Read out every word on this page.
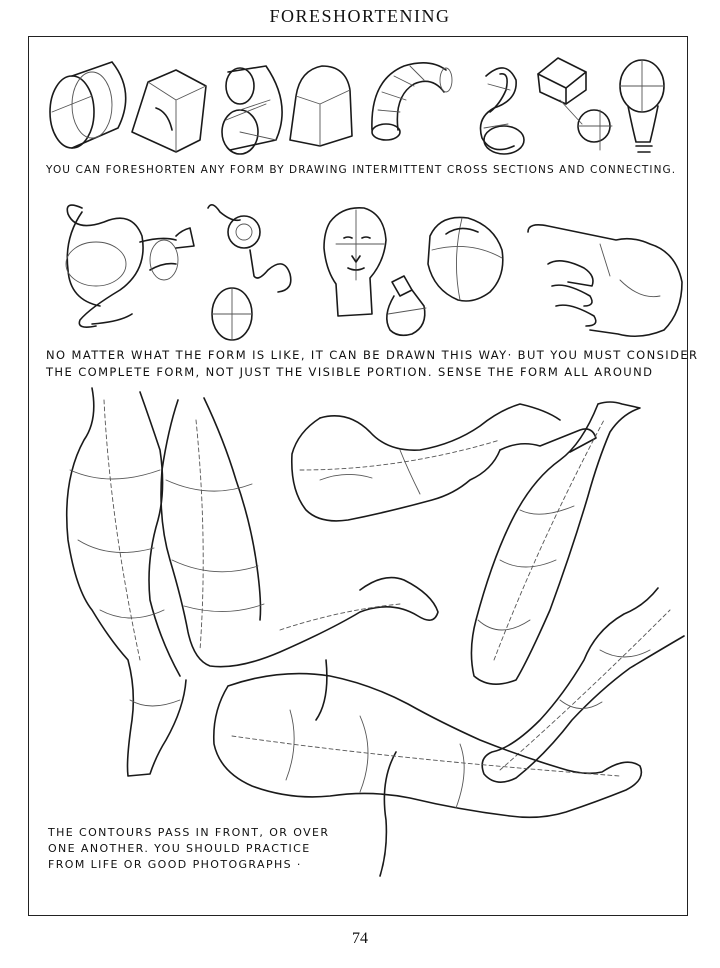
FORESHORTENING
YOU CAN FORESHORTEN ANY FORM BY DRAWING INTERMITTENT CROSS SECTIONS AND CONNECTING.
NO MATTER WHAT THE FORM IS LIKE, IT CAN BE DRAWN THIS WAY· BUT YOU MUST CONSIDER
THE COMPLETE FORM, NOT JUST THE VISIBLE PORTION. SENSE THE FORM ALL AROUND
THE CONTOURS PASS IN FRONT, OR OVER
ONE ANOTHER. YOU SHOULD PRACTICE
FROM LIFE OR GOOD PHOTOGRAPHS ·
74
